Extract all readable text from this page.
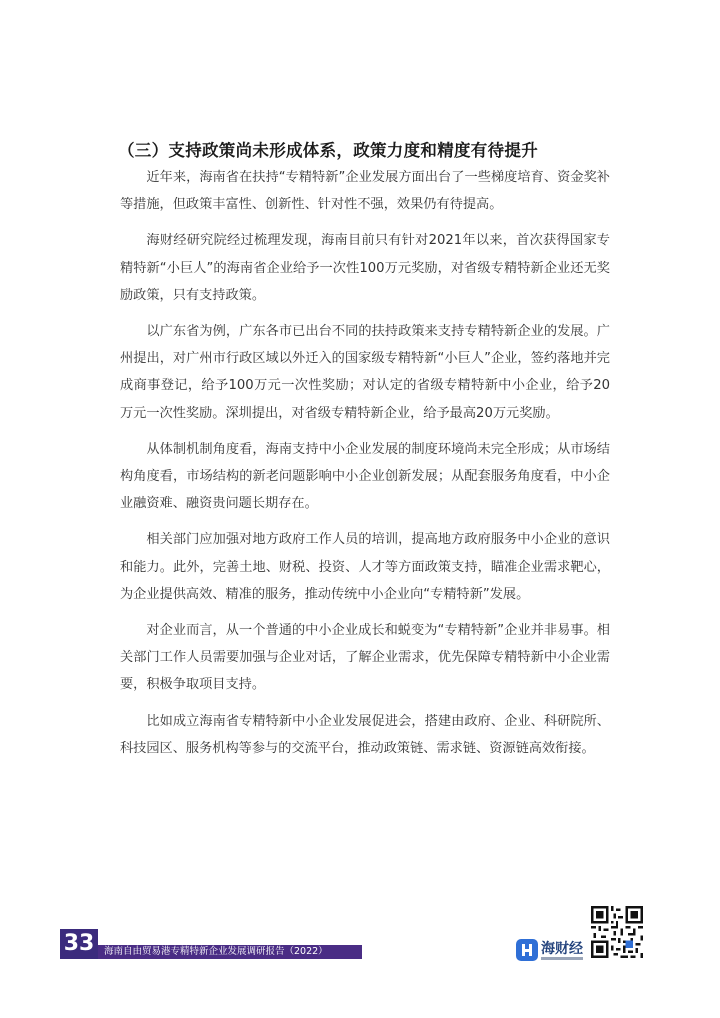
（三）支持政策尚未形成体系，政策力度和精度有待提升

近年来，海南省在扶持“专精特新”企业发展方面出台了一些梯度培育、资金奖补等措施，但政策丰富性、创新性、针对性不强，效果仍有待提高。

海财经研究院经过梳理发现，海南目前只有针对2021年以来，首次获得国家专精特新“小巨人”的海南省企业给予一次性100万元奖励，对省级专精特新企业还无奖励政策，只有支持政策。

以广东省为例，广东各市已出台不同的扶持政策来支持专精特新企业的发展。广州提出，对广州市行政区域以外迁入的国家级专精特新“小巨人”企业，签约落地并完成商事登记，给予100万元一次性奖励；对认定的省级专精特新中小企业，给予20万元一次性奖励。深圳提出，对省级专精特新企业，给予最高20万元奖励。

从体制机制角度看，海南支持中小企业发展的制度环境尚未完全形成；从市场结构角度看，市场结构的新老问题影响中小企业创新发展；从配套服务角度看，中小企业融资难、融资贵问题长期存在。

相关部门应加强对地方政府工作人员的培训，提高地方政府服务中小企业的意识和能力。此外，完善土地、财税、投资、人才等方面政策支持，瞄准企业需求靶心，为企业提供高效、精准的服务，推动传统中小企业向“专精特新”发展。

对企业而言，从一个普通的中小企业成长和蜕变为“专精特新”企业并非易事。相关部门工作人员需要加强与企业对话，了解企业需求，优先保障专精特新中小企业需要，积极争取项目支持。

比如成立海南省专精特新中小企业发展促进会，搭建由政府、企业、科研院所、科技园区、服务机构等参与的交流平台，推动政策链、需求链、资源链高效衔接。

33	海南自由贸易港专精特新企业发展调研报告（2022）	海财经
